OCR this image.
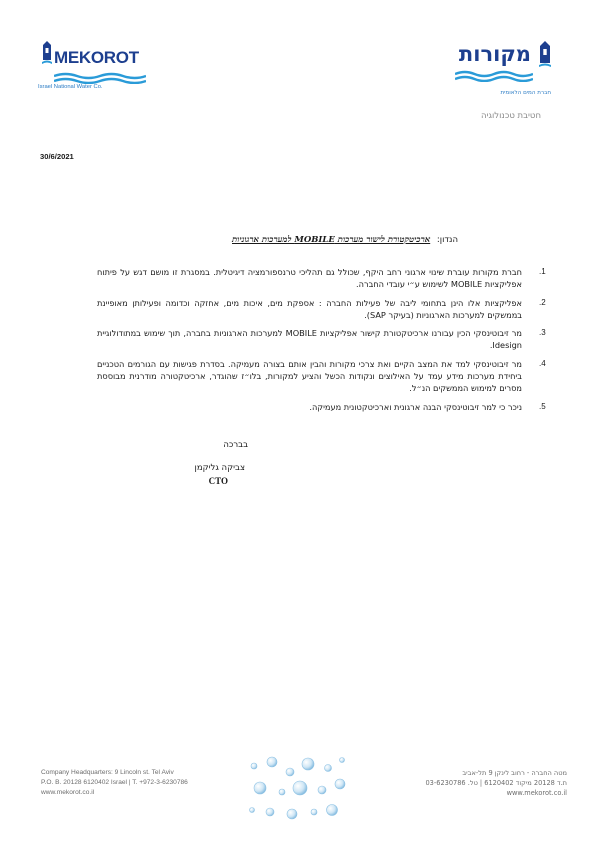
MEKOROT
Israel National Water Co.
מקורות
חברת המים הלאומית
חטיבת טכנולוגיה
30/6/2021
הנדון: ארכיטקטורת לישור מערכות MOBILE למערכות ארגוניות
1.
חברת מקורות עוברת שינוי ארגוני רחב היקף, שכולל גם תהליכי טרנספורמציה דיגיטלית. במסגרת זו מושם דגש על פיתוח אפליקציות MOBILE לשימוש ע״י עובדי החברה.
2.
אפליקציות אלו הינן בתחומי ליבה של פעילות החברה : אספקת מים, איכות מים, אחזקה וכדומה ופעילותן מאופיינת בממשקים למערכות הארגוניות (בעיקר SAP).
3.
מר זיבוטינסקי הכין עבורנו ארכיטקטורת קישור אפליקציות MOBILE למערכות הארגוניות בחברה, תוך שימוש במתודולוגיית Idesign.
4.
מר זיבוטינסקי למד את המצב הקיים ואת צרכי מקורות והבין אותם בצורה מעמיקה. בסדרת פגישות עם הגורמים הטכניים ביחידת מערכות מידע עמד על האילוצים ונקודות הכשל והציע למקורות, בלו״ז שהוגדר, ארכיטקטורה מודרנית מבוססת מסרים למימוש הממשקים הנ״ל.
5.
ניכר כי למר זיבוטינסקי הבנה ארגונית וארכיטקטונית מעמיקה.
בברכה
צביקה גליקמן
CTO
Company Headquarters: 9 Lincoln st. Tel Aviv
P.O. B. 20128 6120402 Israel | T. +972-3-6230786
www.mekorot.co.il
מטה החברה - רחוב לינקן 9 תל-אביב
ת.ד 20128 מיקוד 6120402 | טל. 03-6230786
www.mekorot.co.il
